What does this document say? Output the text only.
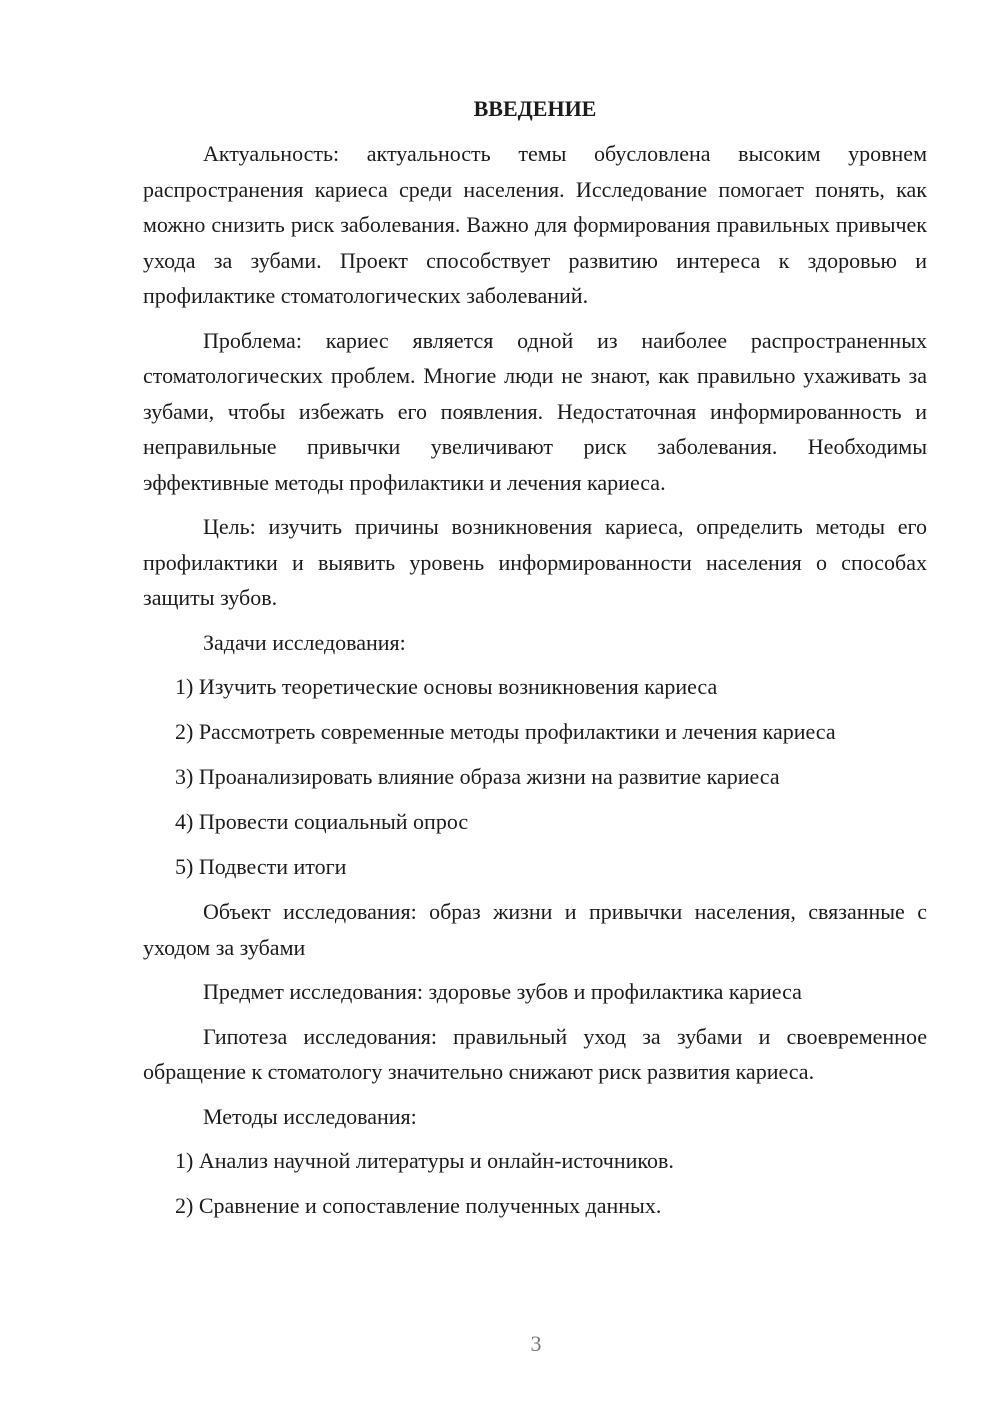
ВВЕДЕНИЕ

Актуальность: актуальность темы обусловлена высоким уровнем распространения кариеса среди населения. Исследование помогает понять, как можно снизить риск заболевания. Важно для формирования правильных привычек ухода за зубами. Проект способствует развитию интереса к здоровью и профилактике стоматологических заболеваний.

Проблема: кариес является одной из наиболее распространенных стоматологических проблем. Многие люди не знают, как правильно ухаживать за зубами, чтобы избежать его появления. Недостаточная информированность и неправильные привычки увеличивают риск заболевания. Необходимы эффективные методы профилактики и лечения кариеса.

Цель: изучить причины возникновения кариеса, определить методы его профилактики и выявить уровень информированности населения о способах защиты зубов.

Задачи исследования:
1) Изучить теоретические основы возникновения кариеса
2) Рассмотреть современные методы профилактики и лечения кариеса
3) Проанализировать влияние образа жизни на развитие кариеса
4) Провести социальный опрос
5) Подвести итоги

Объект исследования: образ жизни и привычки населения, связанные с уходом за зубами

Предмет исследования: здоровье зубов и профилактика кариеса

Гипотеза исследования: правильный уход за зубами и своевременное обращение к стоматологу значительно снижают риск развития кариеса.

Методы исследования:
1) Анализ научной литературы и онлайн-источников.
2) Сравнение и сопоставление полученных данных.
3
